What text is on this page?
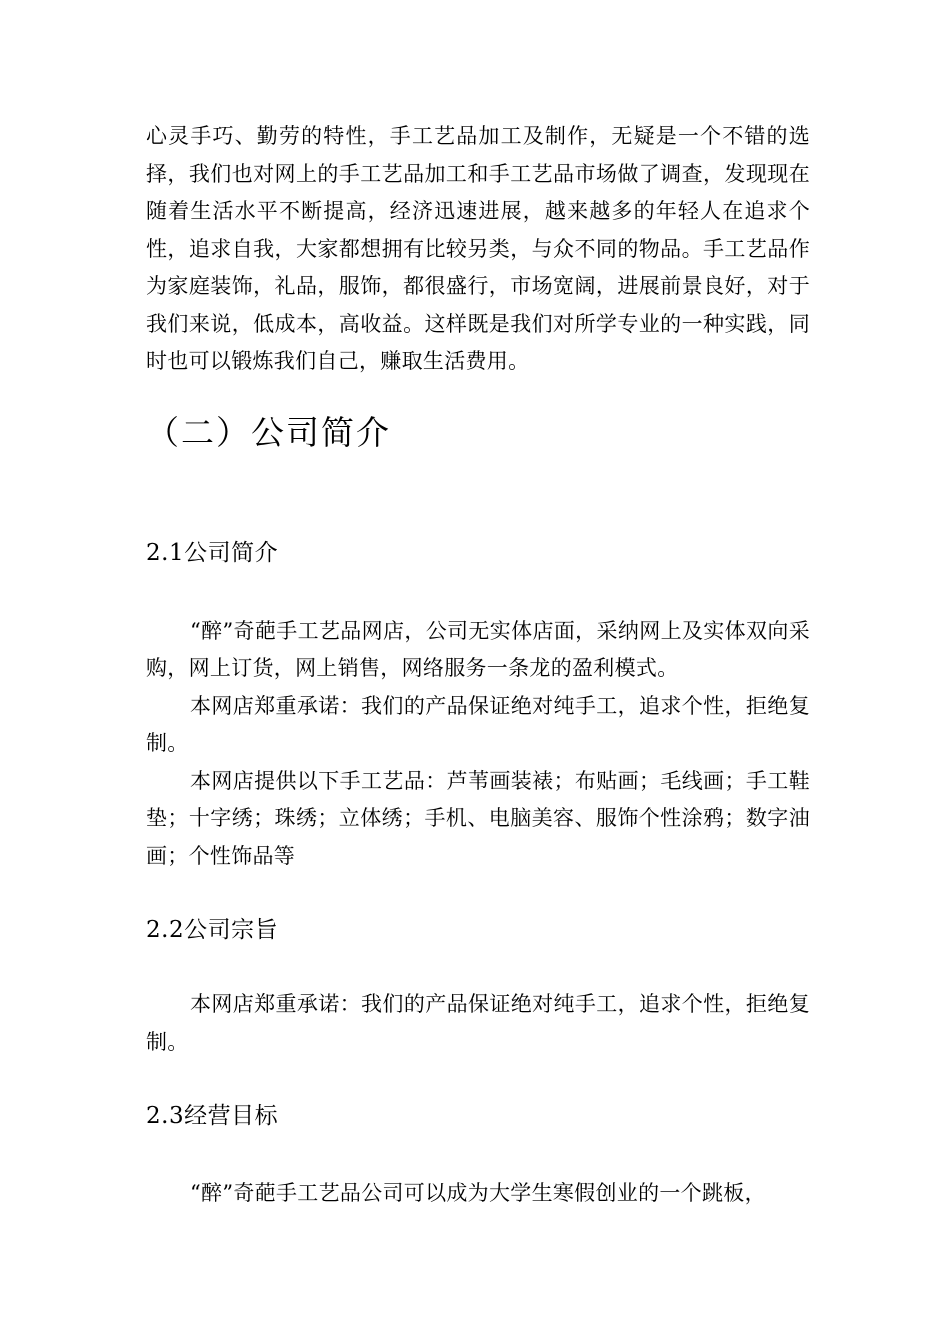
心灵手巧、勤劳的特性，手工艺品加工及制作，无疑是一个不错的选择，我们也对网上的手工艺品加工和手工艺品市场做了调查，发现现在随着生活水平不断提高，经济迅速进展，越来越多的年轻人在追求个性，追求自我，大家都想拥有比较另类，与众不同的物品。手工艺品作为家庭装饰，礼品，服饰，都很盛行，市场宽阔，进展前景良好，对于我们来说，低成本，高收益。这样既是我们对所学专业的一种实践，同时也可以锻炼我们自己，赚取生活费用。

（二）公司简介
2.1公司简介

“醉”奇葩手工艺品网店，公司无实体店面，采纳网上及实体双向采购，网上订货，网上销售，网络服务一条龙的盈利模式。

本网店郑重承诺：我们的产品保证绝对纯手工，追求个性，拒绝复制。

本网店提供以下手工艺品：芦苇画装裱；布贴画；毛线画；手工鞋垫；十字绣；珠绣；立体绣；手机、电脑美容、服饰个性涂鸦；数字油画；个性饰品等

2.2公司宗旨

本网店郑重承诺：我们的产品保证绝对纯手工，追求个性，拒绝复制。

2.3经营目标

“醉”奇葩手工艺品公司可以成为大学生寒假创业的一个跳板，
